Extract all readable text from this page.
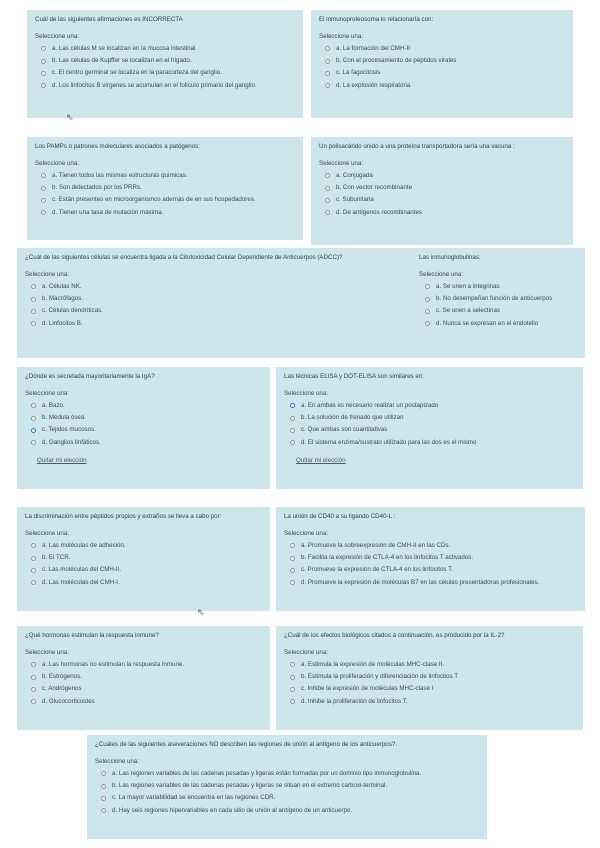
Cuál de las siguientes afirmaciones es INCORRECTA
Seleccione una:
a. Las células M se localizan en la mucosa intestinal.
b. Las células de Kupffer se localizan en el hígado.
c. El centro germinal se localiza en la paracorteza del ganglio.
d. Los linfocitos B vírgenes se acumulan en el folículo primario del ganglio.
El inmunoproteosoma lo relacionaría con:
Seleccione una:
a. La formación del CMH-II
b. Con el procesamiento de péptidos virales
c. La fagocitosis
d. La explosión respiratoria
Los PAMPs o patrones moleculares asociados a patógenos:
Seleccione una:
a. Tienen todos las mismas estructuras químicas.
b. Son detectados por los PRRs.
c. Están presentes en microorganismos además de en sus hospedadores.
d. Tienen una tasa de mutación máxima.
Un polisacárido unido a una proteína transportadora sería una vacuna :
Seleccione una:
a. Conjugada
b. Con vector recombinante
c. Subunitaria
d. De antígenos recombinantes
¿Cuál de las siguientes células se encuentra ligada a la Citotoxicidad Celular Dependiente de Anticuerpos (ADCC)?
Seleccione una:
a. Células NK.
b. Macrófagos.
c. Células dendríticas.
d. Linfocitos B.
Las inmunoglobulinas:
Seleccione una:
a. Se unen a integrinas
b. No desempeñan función de anticuerpos
c. Se unen a selectinas
d. Nunca se expresan en el endotelio
¿Dónde es secretada mayoritariamente la IgA?
Seleccione una:
a. Bazo.
b. Médula ósea.
c. Tejidos mucosos.
d. Ganglios linfáticos.
Quitar mi elección
Las técnicas ELISA y DOT-ELISA son similares en:
Seleccione una:
a. En ambas es necesario realizar un postapizado
b. La solución de frenado que utilizan
c. Que ambas son cuantitativas
d. El sistema enzima/sustrato utilizado para las dos es el mismo
Quitar mi elección
La discriminación entre péptidos propios y extraños se lleva a cabo por:
Seleccione una:
a. Las moléculas de adhesión.
b. El TCR.
c. Las moléculas del CMH-II.
d. Las moléculas del CMH-I.
La unión de CD40 a su ligando CD40-L :
Seleccione una:
a. Promueve la sobreexpresión de CMH-II en las CDs.
b. Facilita la expresión de CTLA-4 en los linfocitos T activados.
c. Promueve la expresión de CTLA-4 en los linfocitos T.
d. Promueve la expresión de moléculas B7 en las células presentadoras profesionales.
¿Qué hormonas estimulan la respuesta inmune?
Seleccione una:
a. Las hormonas no estimulan la respuesta inmune.
b. Estrógenos.
c. Andrógenos
d. Glucocorticoides
¿Cuál de los efectos biológicos citados a continuación, es producido por la IL-2?
Seleccione una:
a. Estimula la expresión de moléculas MHC-clase II.
b. Estimula la proliferación y diferenciación de linfocitos T
c. Inhibe la expresión de moléculas MHC-clase I
d. Inhibe la proliferación de linfocitos T.
¿Cuáles de las siguientes aseveraciones NO describen las regiones de unión al antígeno de los anticuerpos?.
Seleccione una:
a. Las regiones variables de las cadenas pesadas y ligeras están formadas por un dominio tipo inmunoglobulina.
b. Las regiones variables de las cadenas pesadas y ligeras se sitúan en el extremo carboxi-terminal.
c. La mayor variabilidad se encuentra en las regiones CDR.
d. Hay seis regiones hipervariables en cada sitio de unión al antígeno de un anticuerpo.
⇖
⇖
